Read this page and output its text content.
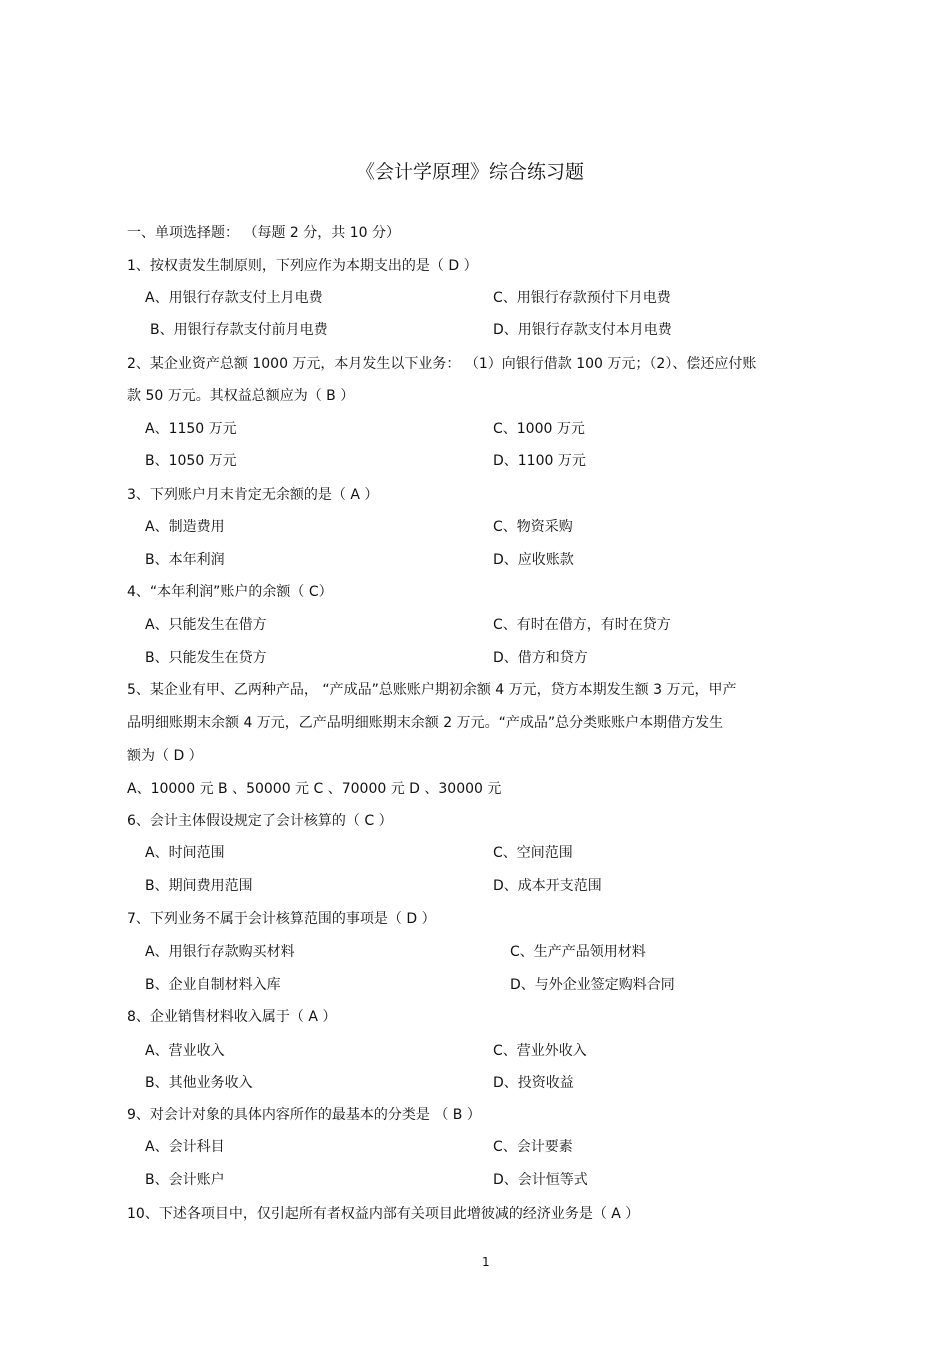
《会计学原理》综合练习题
一、单项选择题： （每题 2 分，共 10 分）
1、按权责发生制原则，下列应作为本期支出的是（ D ）
A、用银行存款支付上月电费	C、用银行存款预付下月电费
B、用银行存款支付前月电费	D、用银行存款支付本月电费
2、某企业资产总额 1000 万元，本月发生以下业务： （1）向银行借款 100 万元；（2）、偿还应付账
款 50 万元。其权益总额应为（ B ）
A、1150 万元	C、1000 万元
B、1050 万元	D、1100 万元
3、下列账户月末肯定无余额的是（ A ）
A、制造费用	C、物资采购
B、本年利润	D、应收账款
4、“本年利润”账户的余额（ C）
A、只能发生在借方	C、有时在借方，有时在贷方
B、只能发生在贷方	D、借方和贷方
5、某企业有甲、乙两种产品， “产成品”总账账户期初余额 4 万元，贷方本期发生额 3 万元，甲产
品明细账期末余额 4 万元，乙产品明细账期末余额 2 万元。“产成品”总分类账账户本期借方发生
额为（ D ）
A、10000 元 B 、50000 元 C 、70000 元 D 、30000 元
6、会计主体假设规定了会计核算的（ C ）
A、时间范围	C、空间范围
B、期间费用范围	D、成本开支范围
7、下列业务不属于会计核算范围的事项是（ D ）
A、用银行存款购买材料	C、生产产品领用材料
B、企业自制材料入库	D、与外企业签定购料合同
8、企业销售材料收入属于（ A ）
A、营业收入	C、营业外收入
B、其他业务收入	D、投资收益
9、对会计对象的具体内容所作的最基本的分类是 （ B ）
A、会计科目	C、会计要素
B、会计账户	D、会计恒等式
10、下述各项目中，仅引起所有者权益内部有关项目此增彼减的经济业务是（ A ）
1
